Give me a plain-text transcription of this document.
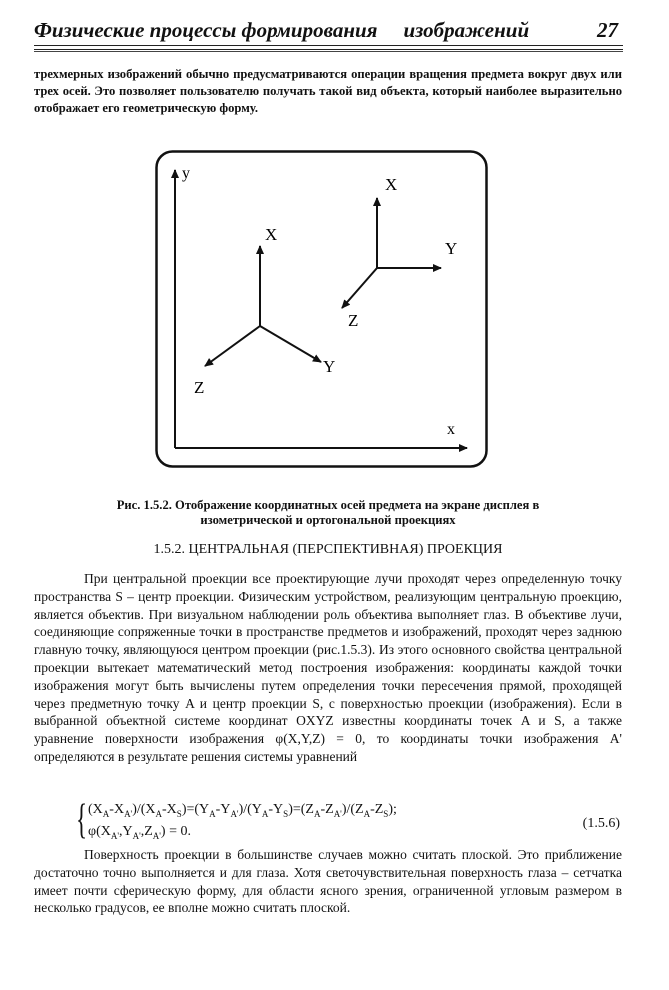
Физические процессы формирования изображений	27
трехмерных изображений обычно предусматриваются операции вращения предмета вокруг двух или трех осей. Это позволяет пользователю получать такой вид объекта, который наиболее выразительно отображает его геометрическую форму.
y
x
X
Y
Z
X
Y
Z
Рис. 1.5.2. Отображение координатных осей предмета на экране дисплея в
изометрической и ортогональной проекциях
1.5.2. ЦЕНТРАЛЬНАЯ (ПЕРСПЕКТИВНАЯ) ПРОЕКЦИЯ

При центральной проекции все проектирующие лучи проходят через определенную точку пространства S – центр проекции. Физическим устройством, реализующим центральную проекцию, является объектив. При визуальном наблюдении роль объектива выполняет глаз. В объективе лучи, соединяющие сопряженные точки в пространстве предметов и изображений, проходят через заднюю главную точку, являющуюся центром проекции (рис.1.5.3). Из этого основного свойства центральной проекции вытекает математический метод построения изображения: координаты каждой точки изображения могут быть вычислены путем определения точки пересечения прямой, проходящей через предметную точку A и центр проекции S, с поверхностью проекции (изображения). Если в выбранной объектной системе координат OXYZ известны координаты точек A и S, а также уравнение поверхности изображения φ(X,Y,Z) = 0, то координаты точки изображения A' определяются в результате решения системы уравнений

{ $(X_A-X_{A'})/(X_A-X_S)=(Y_A-Y_{A'})/(Y_A-Y_S)=(Z_A-Z_{A'})/(Z_A-Z_S)$;
$\varphi(X_{A'},Y_{A'},Z_{A'}) = 0$.
(1.5.6)

Поверхность проекции в большинстве случаев можно считать плоской. Это приближение достаточно точно выполняется и для глаза. Хотя светочувствительная поверхность глаза – сетчатка имеет почти сферическую форму, для области ясного зрения, ограниченной угловым размером в несколько градусов, ее вполне можно считать плоской.
